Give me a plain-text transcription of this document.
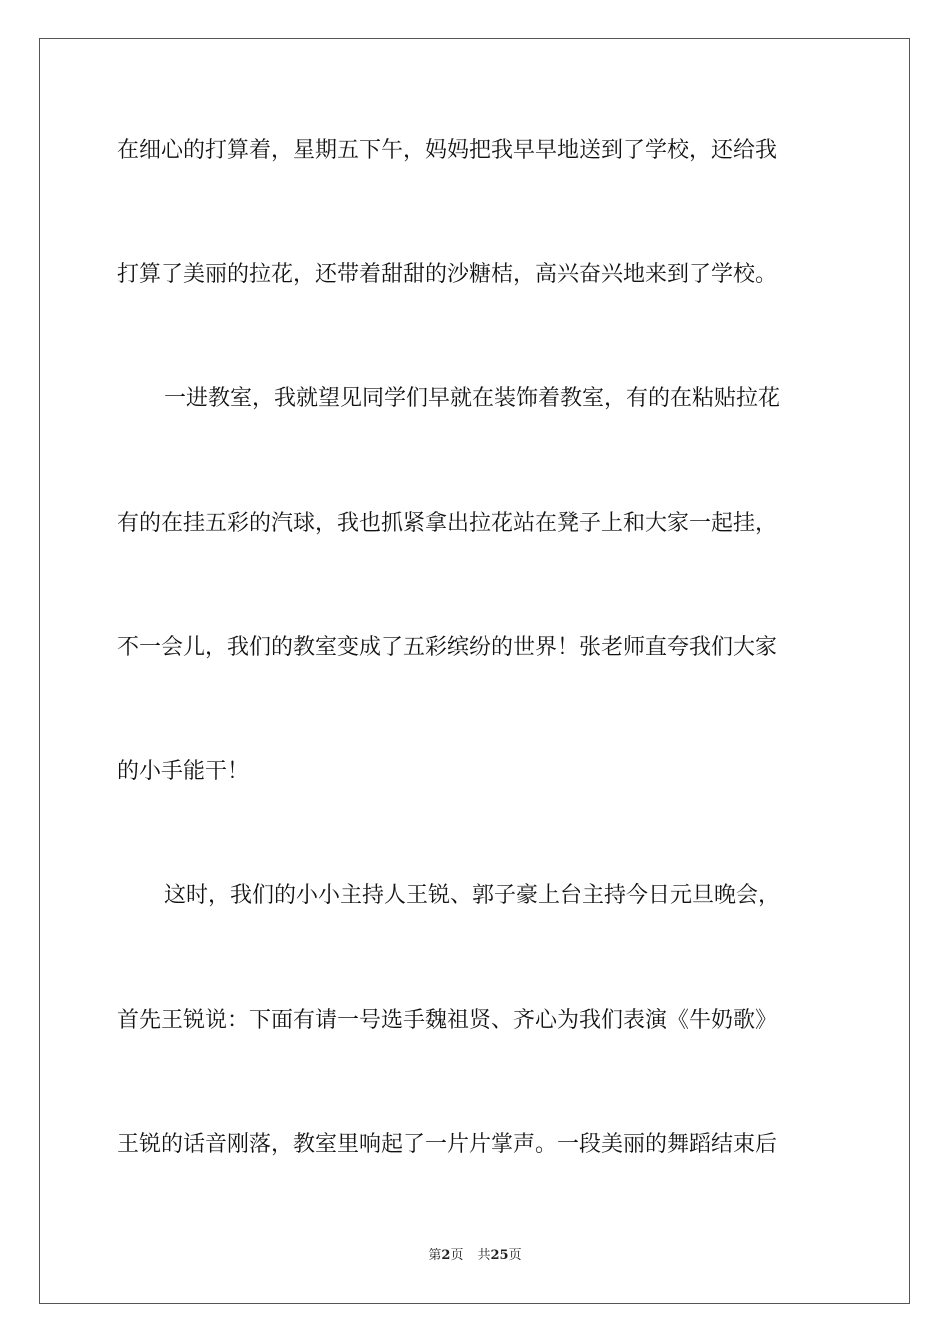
在细心的打算着，星期五下午，妈妈把我早早地送到了学校，还给我
打算了美丽的拉花，还带着甜甜的沙糖桔，高兴奋兴地来到了学校。
一进教室，我就望见同学们早就在装饰着教室，有的在粘贴拉花
有的在挂五彩的汽球，我也抓紧拿出拉花站在凳子上和大家一起挂，
不一会儿，我们的教室变成了五彩缤纷的世界！张老师直夸我们大家
的小手能干！
这时，我们的小小主持人王锐、郭子豪上台主持今日元旦晚会，
首先王锐说：下面有请一号选手魏祖贤、齐心为我们表演《牛奶歌》
王锐的话音刚落，教室里响起了一片片掌声。一段美丽的舞蹈结束后
第2页 共25页
